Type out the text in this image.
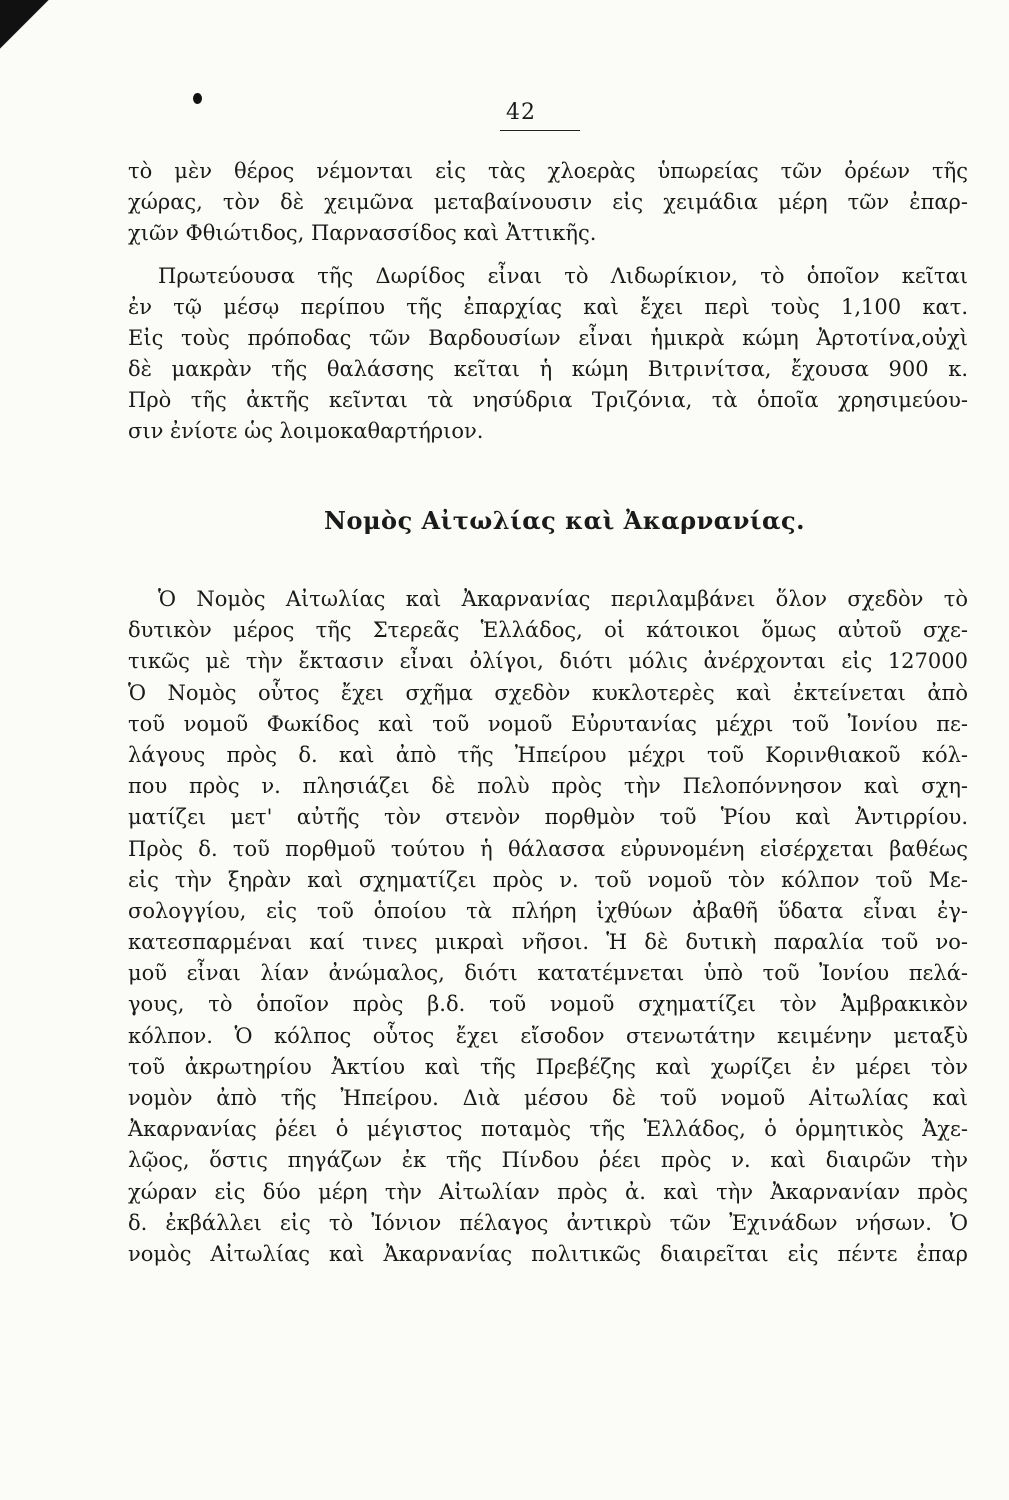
42
τὸ μὲν θέρος νέμονται εἰς τὰς χλοερὰς ὑπωρείας τῶν ὀρέων τῆς
χώρας, τὸν δὲ χειμῶνα μεταβαίνουσιν εἰς χειμάδια μέρη τῶν ἐπαρ-
χιῶν Φθιώτιδος, Παρνασσίδος καὶ Ἀττικῆς.
Πρωτεύουσα τῆς Δωρίδος εἶναι τὸ Λιδωρίκιον, τὸ ὁποῖον κεῖται
ἐν τῷ μέσῳ περίπου τῆς ἐπαρχίας καὶ ἔχει περὶ τοὺς 1,100 κατ.
Εἰς τοὺς πρόποδας τῶν Βαρδουσίων εἶναι ἡμικρὰ κώμη Ἀρτοτίνα,οὐχὶ
δὲ μακρὰν τῆς θαλάσσης κεῖται ἡ κώμη Βιτρινίτσα, ἔχουσα 900 κ.
Πρὸ τῆς ἀκτῆς κεῖνται τὰ νησύδρια Τριζόνια, τὰ ὁποῖα χρησιμεύου-
σιν ἐνίοτε ὡς λοιμοκαθαρτήριον.
Νομὸς Αἰτωλίας καὶ Ἀκαρνανίας.
Ὁ Νομὸς Αἰτωλίας καὶ Ἀκαρνανίας περιλαμβάνει ὅλον σχεδὸν τὸ
δυτικὸν μέρος τῆς Στερεᾶς Ἑλλάδος, οἱ κάτοικοι ὅμως αὐτοῦ σχε-
τικῶς μὲ τὴν ἔκτασιν εἶναι ὀλίγοι, διότι μόλις ἀνέρχονται εἰς 127000
Ὁ Νομὸς οὗτος ἔχει σχῆμα σχεδὸν κυκλοτερὲς καὶ ἐκτείνεται ἀπὸ
τοῦ νομοῦ Φωκίδος καὶ τοῦ νομοῦ Εὐρυτανίας μέχρι τοῦ Ἰονίου πε-
λάγους πρὸς δ. καὶ ἀπὸ τῆς Ἠπείρου μέχρι τοῦ Κορινθιακοῦ κόλ-
που πρὸς ν. πλησιάζει δὲ πολὺ πρὸς τὴν Πελοπόννησον καὶ σχη-
ματίζει μετ' αὐτῆς τὸν στενὸν πορθμὸν τοῦ Ῥίου καὶ Ἀντιρρίου.
Πρὸς δ. τοῦ πορθμοῦ τούτου ἡ θάλασσα εὐρυνομένη εἰσέρχεται βαθέως
εἰς τὴν ξηρὰν καὶ σχηματίζει πρὸς ν. τοῦ νομοῦ τὸν κόλπον τοῦ Με-
σολογγίου, εἰς τοῦ ὁποίου τὰ πλήρη ἰχθύων ἀβαθῆ ὕδατα εἶναι ἐγ-
κατεσπαρμέναι καί τινες μικραὶ νῆσοι. Ἡ δὲ δυτικὴ παραλία τοῦ νο-
μοῦ εἶναι λίαν ἀνώμαλος, διότι κατατέμνεται ὑπὸ τοῦ Ἰονίου πελά-
γους, τὸ ὁποῖον πρὸς β.δ. τοῦ νομοῦ σχηματίζει τὸν Ἀμβρακικὸν
κόλπον. Ὁ κόλπος οὗτος ἔχει εἴσοδον στενωτάτην κειμένην μεταξὺ
τοῦ ἀκρωτηρίου Ἀκτίου καὶ τῆς Πρεβέζης καὶ χωρίζει ἐν μέρει τὸν
νομὸν ἀπὸ τῆς Ἠπείρου. Διὰ μέσου δὲ τοῦ νομοῦ Αἰτωλίας καὶ
Ἀκαρνανίας ῥέει ὁ μέγιστος ποταμὸς τῆς Ἑλλάδος, ὁ ὁρμητικὸς Ἀχε-
λῷος, ὅστις πηγάζων ἐκ τῆς Πίνδου ῥέει πρὸς ν. καὶ διαιρῶν τὴν
χώραν εἰς δύο μέρη τὴν Αἰτωλίαν πρὸς ἀ. καὶ τὴν Ἀκαρνανίαν πρὸς
δ. ἐκβάλλει εἰς τὸ Ἰόνιον πέλαγος ἀντικρὺ τῶν Ἐχινάδων νήσων. Ὁ
νομὸς Αἰτωλίας καὶ Ἀκαρνανίας πολιτικῶς διαιρεῖται εἰς πέντε ἐπαρ
